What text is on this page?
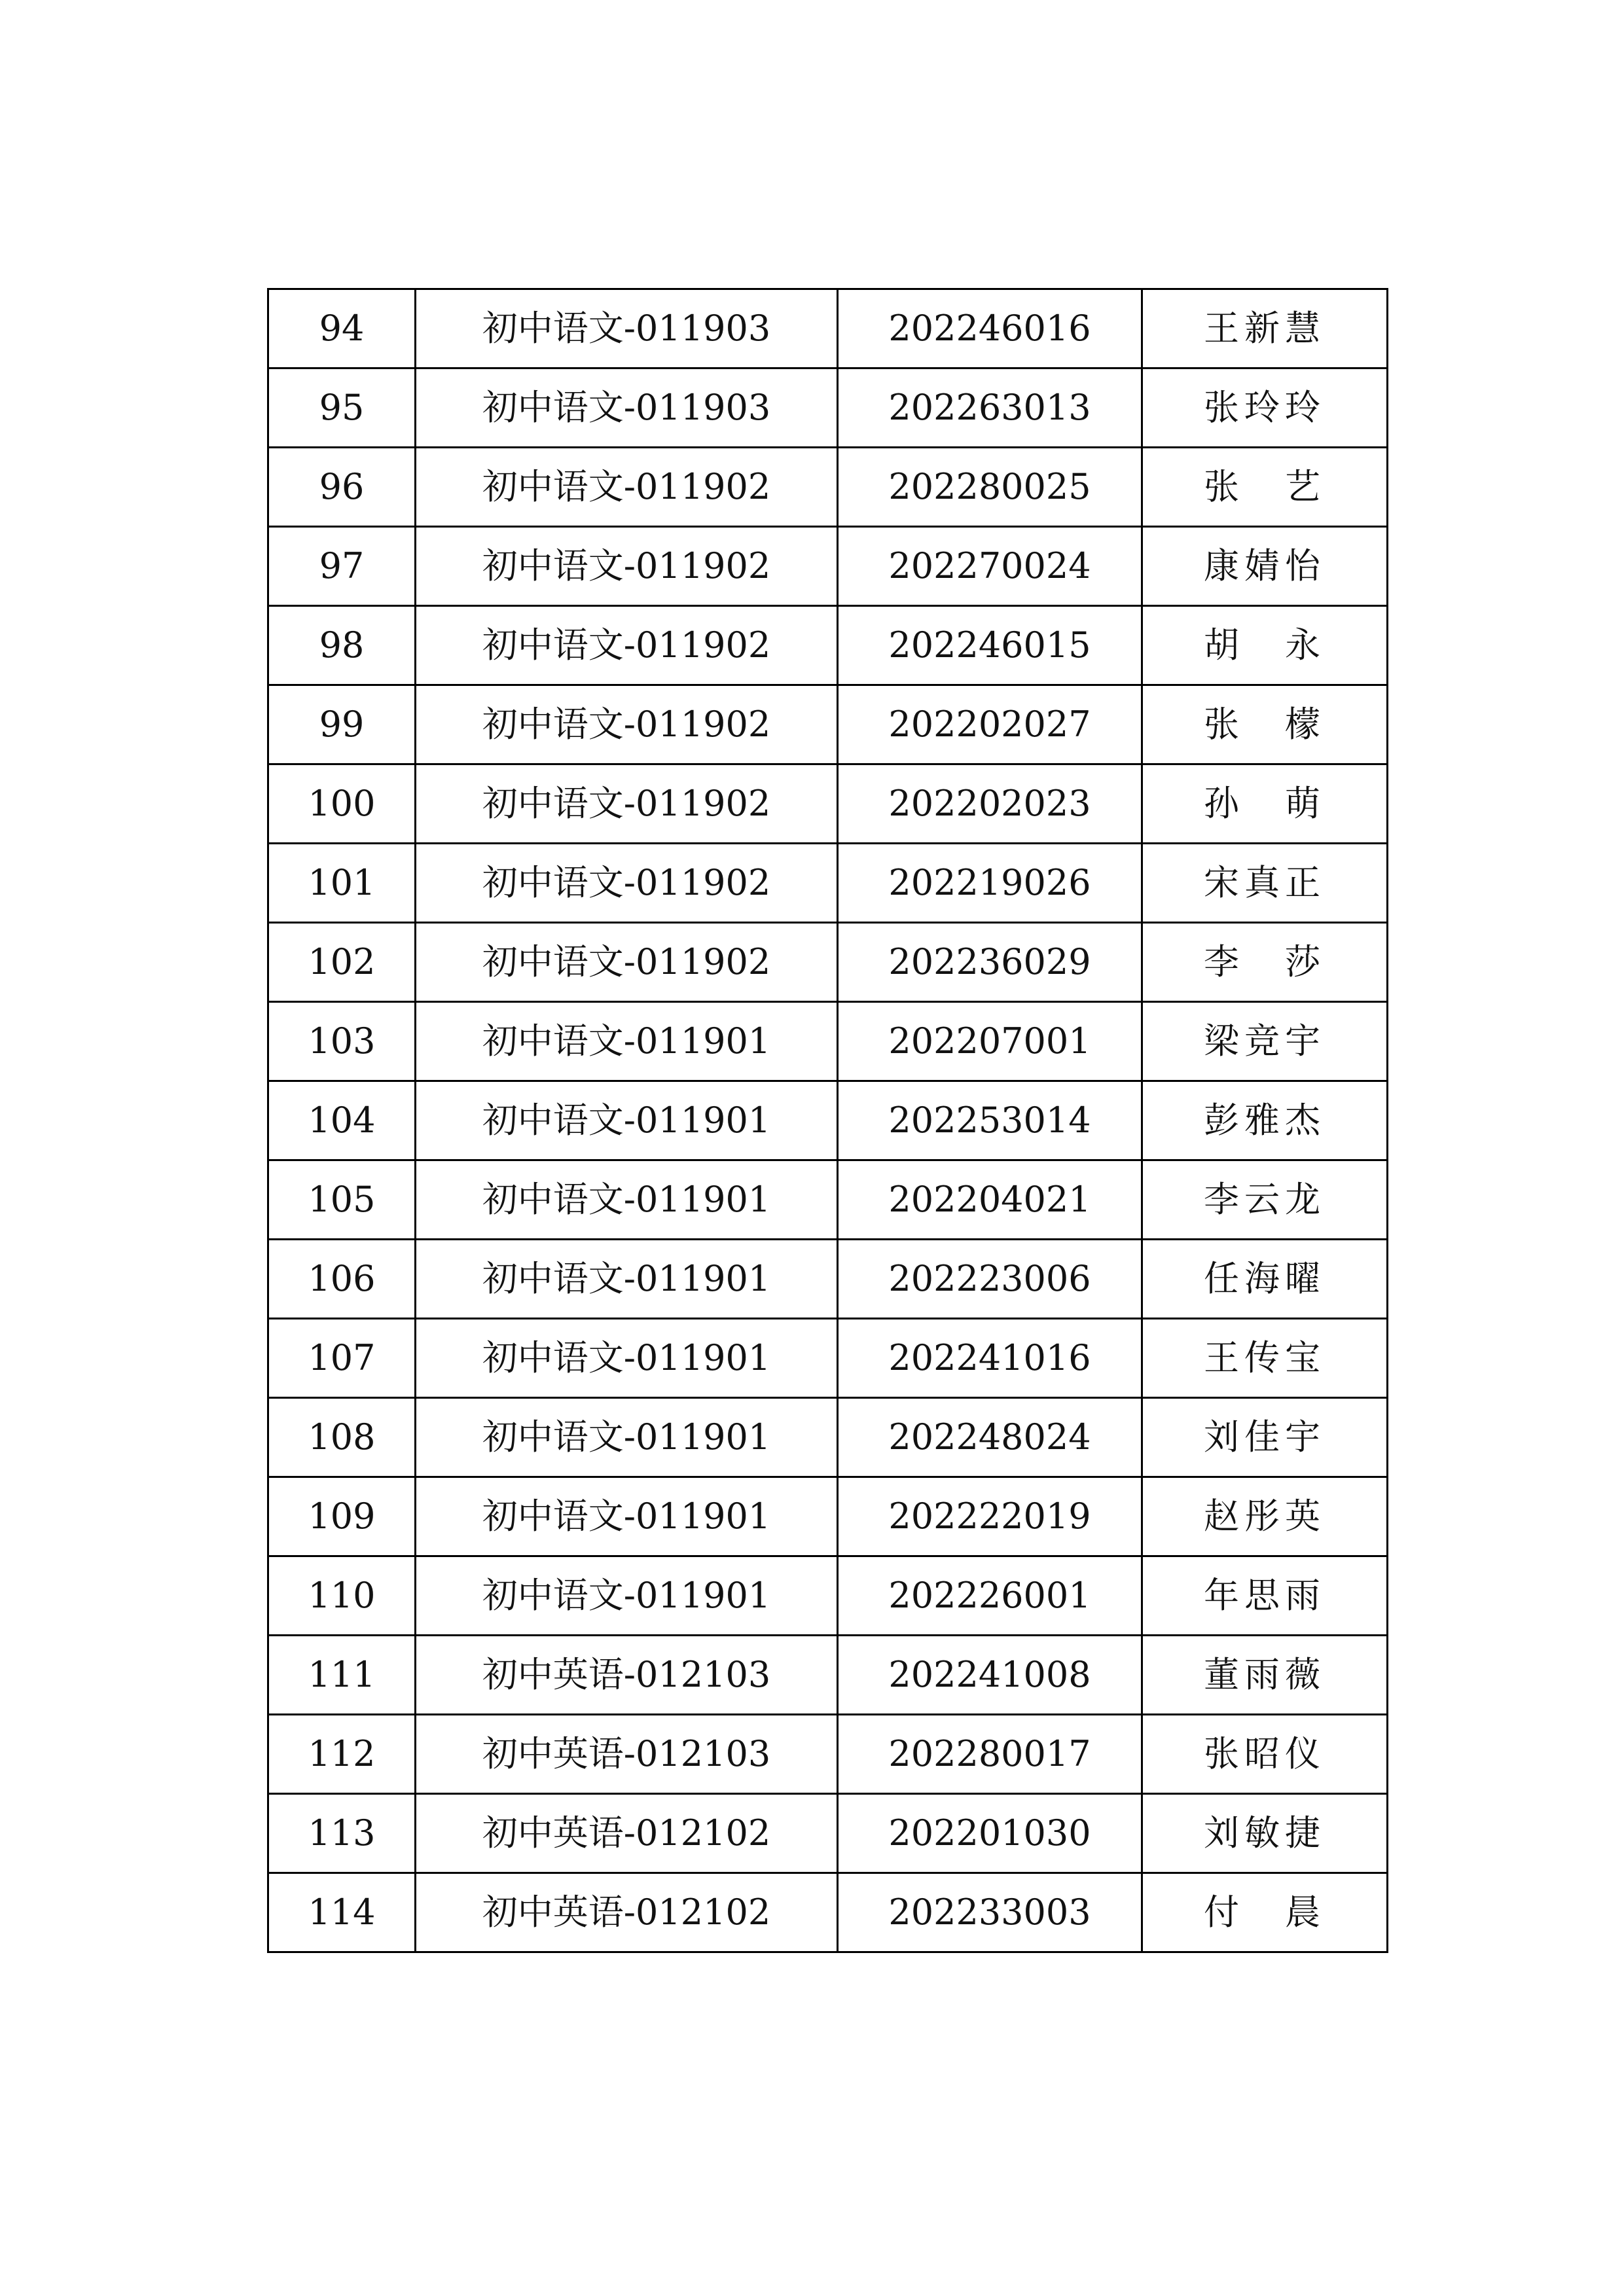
94	初中语文-011903	202246016	王新慧
95	初中语文-011903	202263013	张玲玲
96	初中语文-011902	202280025	张　艺
97	初中语文-011902	202270024	康婧怡
98	初中语文-011902	202246015	胡　永
99	初中语文-011902	202202027	张　檬
100	初中语文-011902	202202023	孙　萌
101	初中语文-011902	202219026	宋真正
102	初中语文-011902	202236029	李　莎
103	初中语文-011901	202207001	梁竞宇
104	初中语文-011901	202253014	彭雅杰
105	初中语文-011901	202204021	李云龙
106	初中语文-011901	202223006	任海曜
107	初中语文-011901	202241016	王传宝
108	初中语文-011901	202248024	刘佳宇
109	初中语文-011901	202222019	赵彤英
110	初中语文-011901	202226001	年思雨
111	初中英语-012103	202241008	董雨薇
112	初中英语-012103	202280017	张昭仪
113	初中英语-012102	202201030	刘敏捷
114	初中英语-012102	202233003	付　晨
